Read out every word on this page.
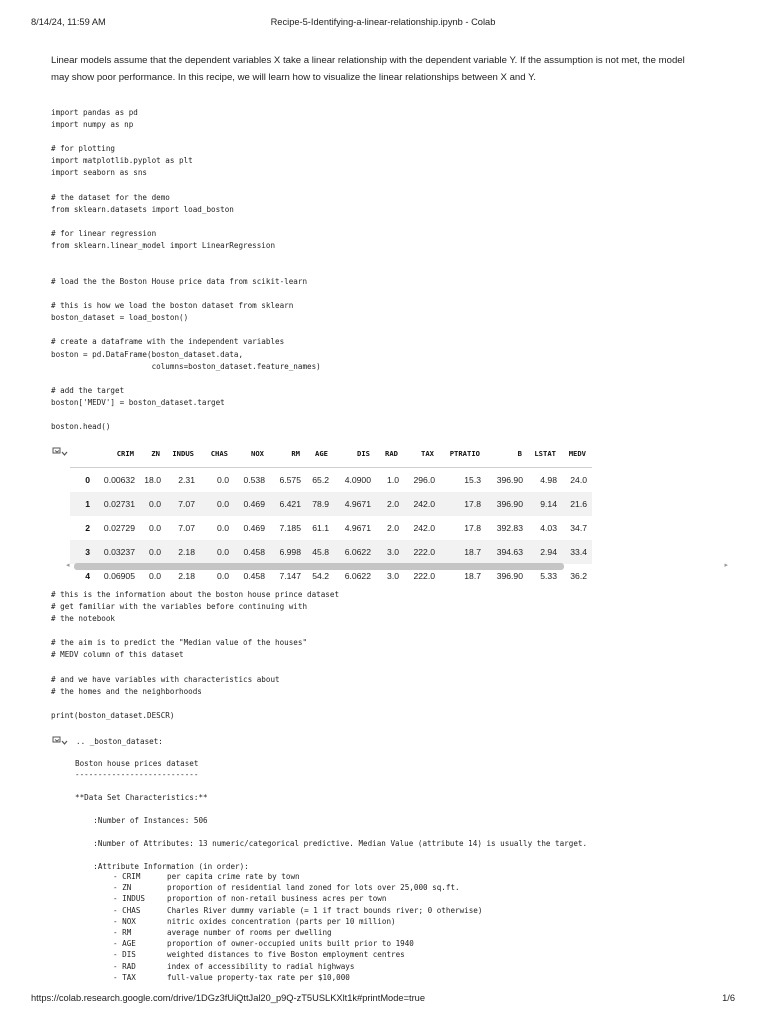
8/14/24, 11:59 AM	Recipe-5-Identifying-a-linear-relationship.ipynb - Colab

Linear models assume that the dependent variables X take a linear relationship with the dependent variable Y. If the assumption is not met, the model may show poor performance. In this recipe, we will learn how to visualize the linear relationships between X and Y.

import pandas as pd
import numpy as np

# for plotting
import matplotlib.pyplot as plt
import seaborn as sns

# the dataset for the demo
from sklearn.datasets import load_boston

# for linear regression
from sklearn.linear_model import LinearRegression
# load the the Boston House price data from scikit-learn

# this is how we load the boston dataset from sklearn
boston_dataset = load_boston()

# create a dataframe with the independent variables
boston = pd.DataFrame(boston_dataset.data,
columns=boston_dataset.feature_names)

# add the target
boston['MEDV'] = boston_dataset.target

boston.head()
	CRIM	ZN	INDUS	CHAS	NOX	RM	AGE	DIS	RAD	TAX	PTRATIO	B	LSTAT	MEDV
0	0.00632	18.0	2.31	0.0	0.538	6.575	65.2	4.0900	1.0	296.0	15.3	396.90	4.98	24.0
1	0.02731	0.0	7.07	0.0	0.469	6.421	78.9	4.9671	2.0	242.0	17.8	396.90	9.14	21.6
2	0.02729	0.0	7.07	0.0	0.469	7.185	61.1	4.9671	2.0	242.0	17.8	392.83	4.03	34.7
3	0.03237	0.0	2.18	0.0	0.458	6.998	45.8	6.0622	3.0	222.0	18.7	394.63	2.94	33.4
4	0.06905	0.0	2.18	0.0	0.458	7.147	54.2	6.0622	3.0	222.0	18.7	396.90	5.33	36.2
◂	▸
# this is the information about the boston house prince dataset
# get familiar with the variables before continuing with
# the notebook

# the aim is to predict the "Median value of the houses"
# MEDV column of this dataset

# and we have variables with characteristics about
# the homes and the neighborhoods

print(boston_dataset.DESCR)
.. _boston_dataset:
Boston house prices dataset
---------------------------

**Data Set Characteristics:**

:Number of Instances: 506

:Number of Attributes: 13 numeric/categorical predictive. Median Value (attribute 14) is usually the target.

:Attribute Information (in order):
- CRIM	per capita crime rate by town
- ZN	proportion of residential land zoned for lots over 25,000 sq.ft.
- INDUS	proportion of non-retail business acres per town
- CHAS	Charles River dummy variable (= 1 if tract bounds river; 0 otherwise)
- NOX	nitric oxides concentration (parts per 10 million)
- RM	average number of rooms per dwelling
- AGE	proportion of owner-occupied units built prior to 1940
- DIS	weighted distances to five Boston employment centres
- RAD	index of accessibility to radial highways
- TAX	full-value property-tax rate per $10,000
https://colab.research.google.com/drive/1DGz3fUiQttJal20_p9Q-zT5USLKXlt1k#printMode=true	1/6
